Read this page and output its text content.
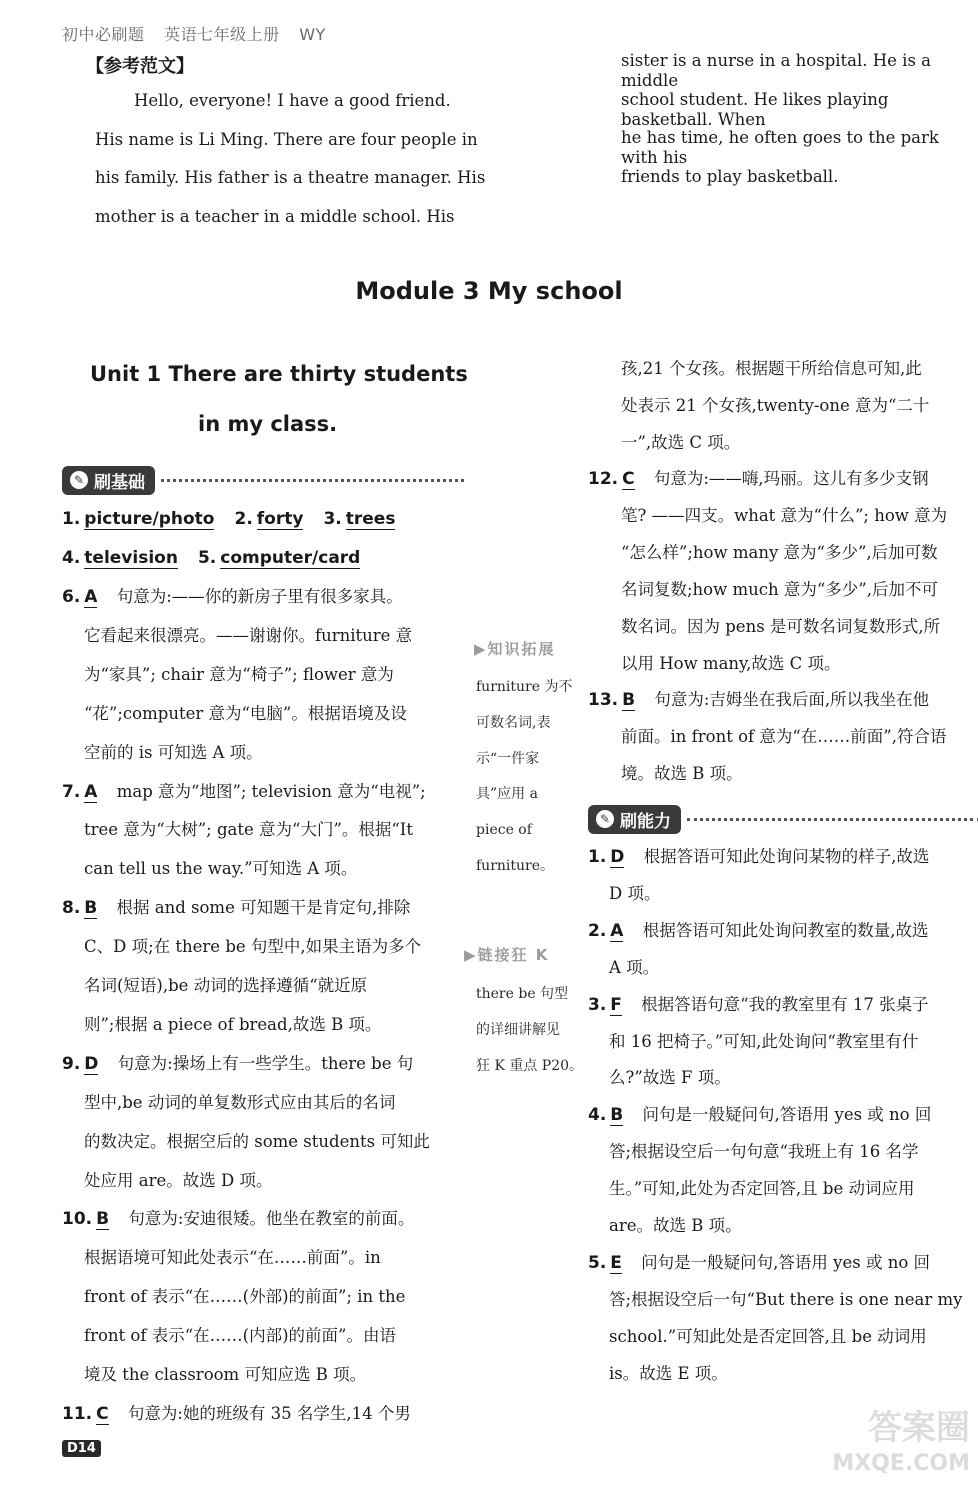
初中必刷题 英语七年级上册 WY
【参考范文】
Module 3 My school
Unit 1 There are thirty students
in my class.
✎ 刷基础
1. picture/photo 2. forty 3. trees
4. television 5. computer/card
▶知识拓展
▶链接狂 K
✎ 刷能力
D14
答案圈
MXQE.COM
Hello, everyone! I have a good friend.
His name is Li Ming. There are four people in
his family. His father is a theatre manager. His
mother is a teacher in a middle school. His
sister is a nurse in a hospital. He is a middle
school student. He likes playing basketball. When
he has time, he often goes to the park with his
friends to play basketball.
6. A 句意为:——你的新房子里有很多家具。
它看起来很漂亮。——谢谢你。furniture 意
为“家具”; chair 意为“椅子”; flower 意为
“花”;computer 意为“电脑”。根据语境及设
空前的 is 可知选 A 项。
7. A map 意为“地图”; television 意为“电视”;
tree 意为“大树”; gate 意为“大门”。根据“It
can tell us the way.”可知选 A 项。
8. B 根据 and some 可知题干是肯定句,排除
C、D 项;在 there be 句型中,如果主语为多个
名词(短语),be 动词的选择遵循“就近原
则”;根据 a piece of bread,故选 B 项。
9. D 句意为:操场上有一些学生。there be 句
型中,be 动词的单复数形式应由其后的名词
的数决定。根据空后的 some students 可知此
处应用 are。故选 D 项。
10. B 句意为:安迪很矮。他坐在教室的前面。
根据语境可知此处表示“在……前面”。in
front of 表示“在……(外部)的前面”; in the
front of 表示“在……(内部)的前面”。由语
境及 the classroom 可知应选 B 项。
11. C 句意为:她的班级有 35 名学生,14 个男
12. C 句意为:——嗨,玛丽。这儿有多少支钢
笔? ——四支。what 意为“什么”; how 意为
“怎么样”;how many 意为“多少”,后加可数
名词复数;how much 意为“多少”,后加不可
数名词。因为 pens 是可数名词复数形式,所
以用 How many,故选 C 项。
13. B 句意为:吉姆坐在我后面,所以我坐在他
前面。in front of 意为“在……前面”,符合语
境。故选 B 项。
1. D 根据答语可知此处询问某物的样子,故选
D 项。
2. A 根据答语可知此处询问教室的数量,故选
A 项。
3. F 根据答语句意“我的教室里有 17 张桌子
和 16 把椅子。”可知,此处询问“教室里有什
么?”故选 F 项。
4. B 问句是一般疑问句,答语用 yes 或 no 回
答;根据设空后一句句意“我班上有 16 名学
生。”可知,此处为否定回答,且 be 动词应用
are。故选 B 项。
5. E 问句是一般疑问句,答语用 yes 或 no 回
答;根据设空后一句“But there is one near my
school.”可知此处是否定回答,且 be 动词用
is。故选 E 项。
孩,21 个女孩。根据题干所给信息可知,此
处表示 21 个女孩,twenty-one 意为“二十
一”,故选 C 项。
furniture 为不
可数名词,表
示“一件家
具”应用 a
piece of
furniture。
there be 句型
的详细讲解见
狂 K 重点 P20。
